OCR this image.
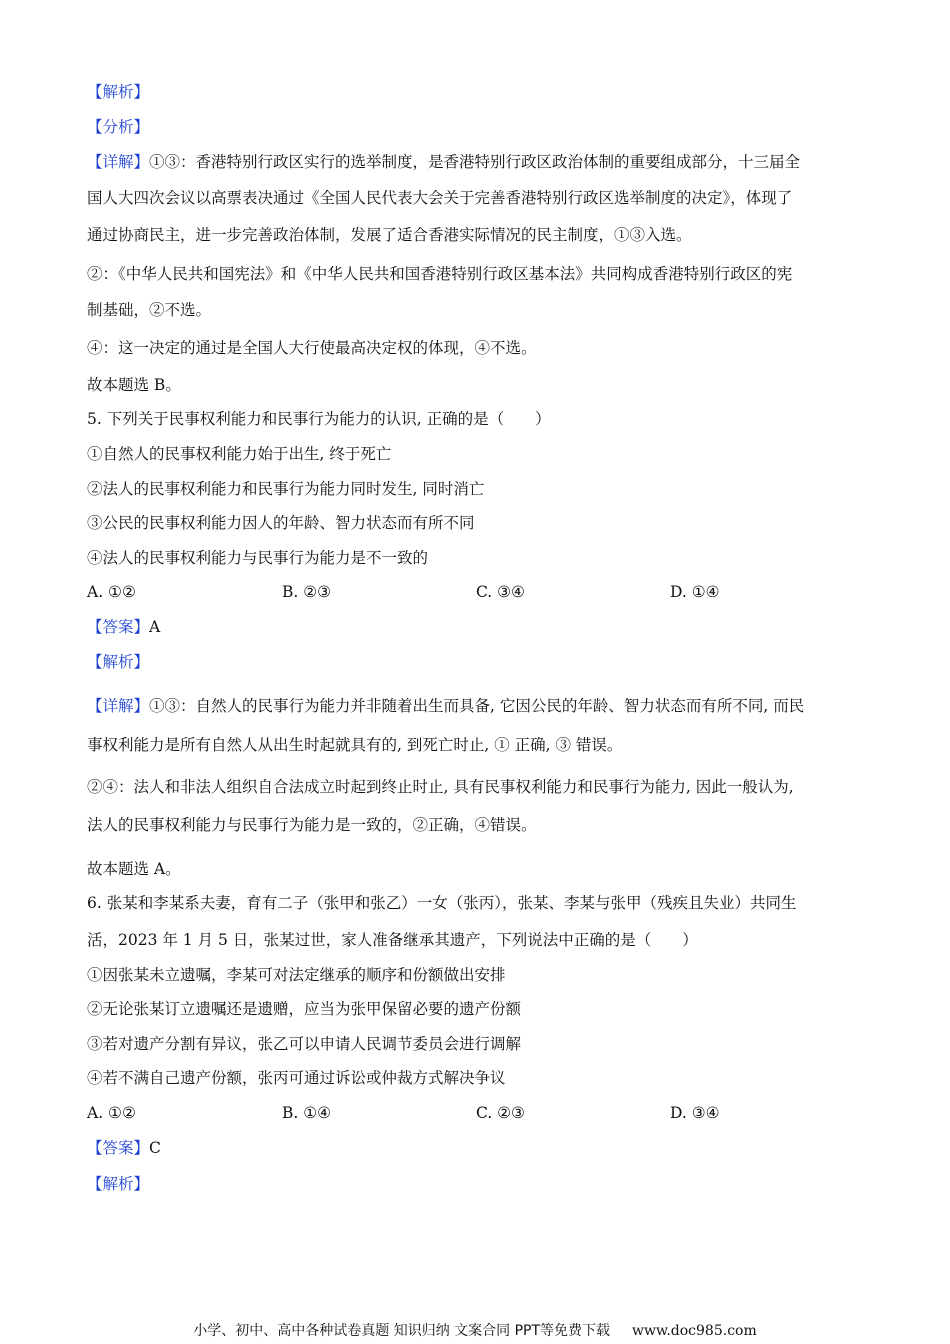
【解析】
【分析】
【详解】①③：香港特别行政区实行的选举制度，是香港特别行政区政治体制的重要组成部分，十三届全
国人大四次会议以高票表决通过《全国人民代表大会关于完善香港特别行政区选举制度的决定》，体现了
通过协商民主，进一步完善政治体制，发展了适合香港实际情况的民主制度，①③入选。
②：《中华人民共和国宪法》和《中华人民共和国香港特别行政区基本法》共同构成香港特别行政区的宪
制基础，②不选。
④：这一决定的通过是全国人大行使最高决定权的体现，④不选。
故本题选 B。
5. 下列关于民事权利能力和民事行为能力的认识, 正确的是（　　）
①自然人的民事权利能力始于出生, 终于死亡
②法人的民事权利能力和民事行为能力同时发生, 同时消亡
③公民的民事权利能力因人的年龄、智力状态而有所不同
④法人的民事权利能力与民事行为能力是不一致的
A. ①②	B. ②③	C. ③④	D. ①④
【答案】A
【解析】
【详解】①③：自然人的民事行为能力并非随着出生而具备, 它因公民的年龄、智力状态而有所不同, 而民
事权利能力是所有自然人从出生时起就具有的, 到死亡时止, ① 正确, ③ 错误。
②④：法人和非法人组织自合法成立时起到终止时止, 具有民事权利能力和民事行为能力, 因此一般认为,
法人的民事权利能力与民事行为能力是一致的，②正确，④错误。
故本题选 A。
6. 张某和李某系夫妻，育有二子（张甲和张乙）一女（张丙），张某、李某与张甲（残疾且失业）共同生
活，2023 年 1 月 5 日，张某过世，家人准备继承其遗产，下列说法中正确的是（　　）
①因张某未立遗嘱，李某可对法定继承的顺序和份额做出安排
②无论张某订立遗嘱还是遗赠，应当为张甲保留必要的遗产份额
③若对遗产分割有异议，张乙可以申请人民调节委员会进行调解
④若不满自己遗产份额，张丙可通过诉讼或仲裁方式解决争议
A. ①②	B. ①④	C. ②③	D. ③④
【答案】C
【解析】
小学、初中、高中各种试卷真题 知识归纳 文案合同 PPT等免费下载 www.doc985.com
